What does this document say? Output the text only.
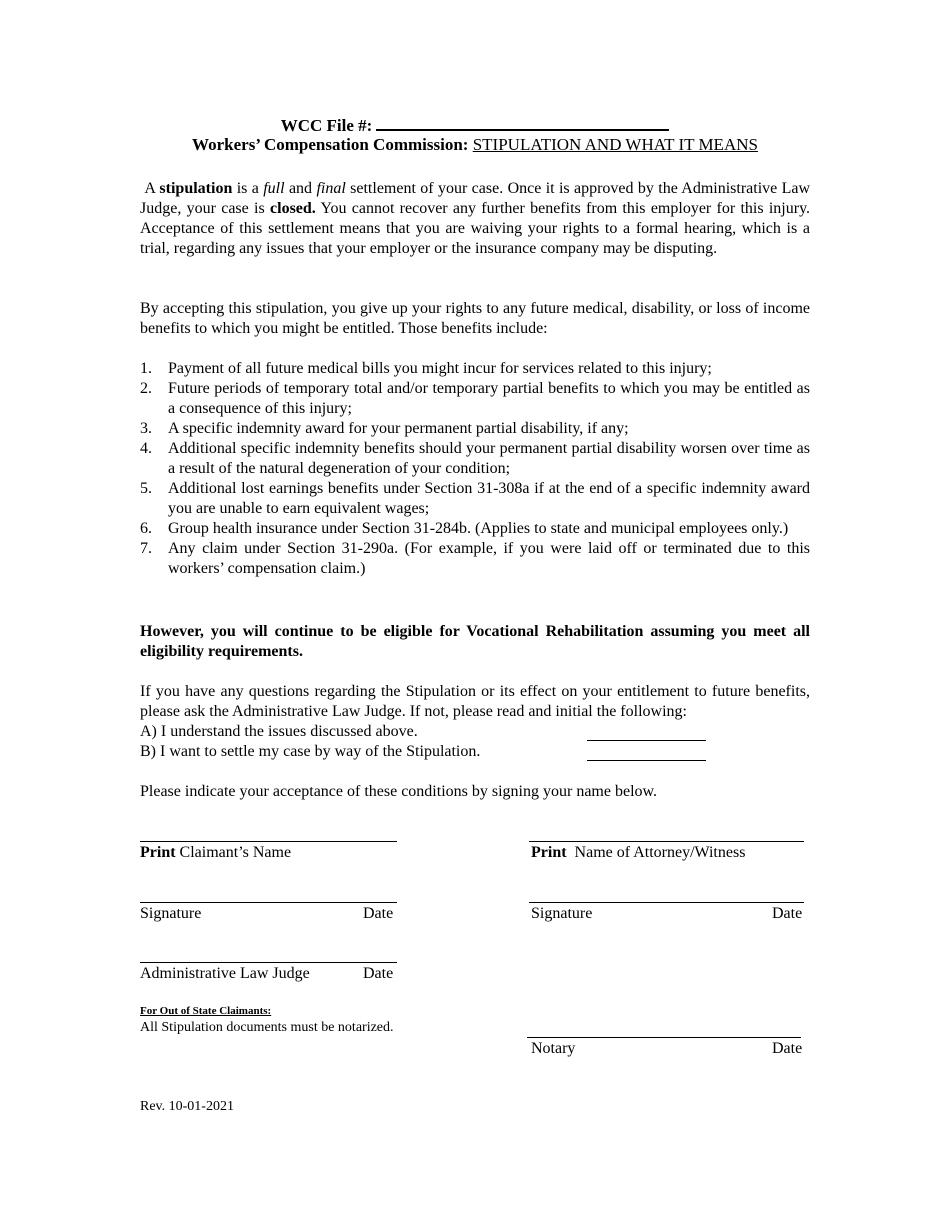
WCC File #:
Workers’ Compensation Commission: STIPULATION AND WHAT IT MEANS
A stipulation is a full and final settlement of your case. Once it is approved by the Administrative Law Judge, your case is closed. You cannot recover any further benefits from this employer for this injury. Acceptance of this settlement means that you are waiving your rights to a formal hearing, which is a trial, regarding any issues that your employer or the insurance company may be disputing.
By accepting this stipulation, you give up your rights to any future medical, disability, or loss of income benefits to which you might be entitled. Those benefits include:
1. Payment of all future medical bills you might incur for services related to this injury;
2. Future periods of temporary total and/or temporary partial benefits to which you may be entitled as a consequence of this injury;
3. A specific indemnity award for your permanent partial disability, if any;
4. Additional specific indemnity benefits should your permanent partial disability worsen over time as a result of the natural degeneration of your condition;
5. Additional lost earnings benefits under Section 31-308a if at the end of a specific indemnity award you are unable to earn equivalent wages;
6. Group health insurance under Section 31-284b. (Applies to state and municipal employees only.)
7. Any claim under Section 31-290a. (For example, if you were laid off or terminated due to this workers’ compensation claim.)
However, you will continue to be eligible for Vocational Rehabilitation assuming you meet all eligibility requirements.
If you have any questions regarding the Stipulation or its effect on your entitlement to future benefits, please ask the Administrative Law Judge. If not, please read and initial the following:
A) I understand the issues discussed above.
B) I want to settle my case by way of the Stipulation.
Please indicate your acceptance of these conditions by signing your name below.
Print Claimant’s Name
Signature	Date
Administrative Law Judge	Date
For Out of State Claimants:
All Stipulation documents must be notarized.
Print Name of Attorney/Witness
Signature	Date
Notary	Date
Rev. 10-01-2021
